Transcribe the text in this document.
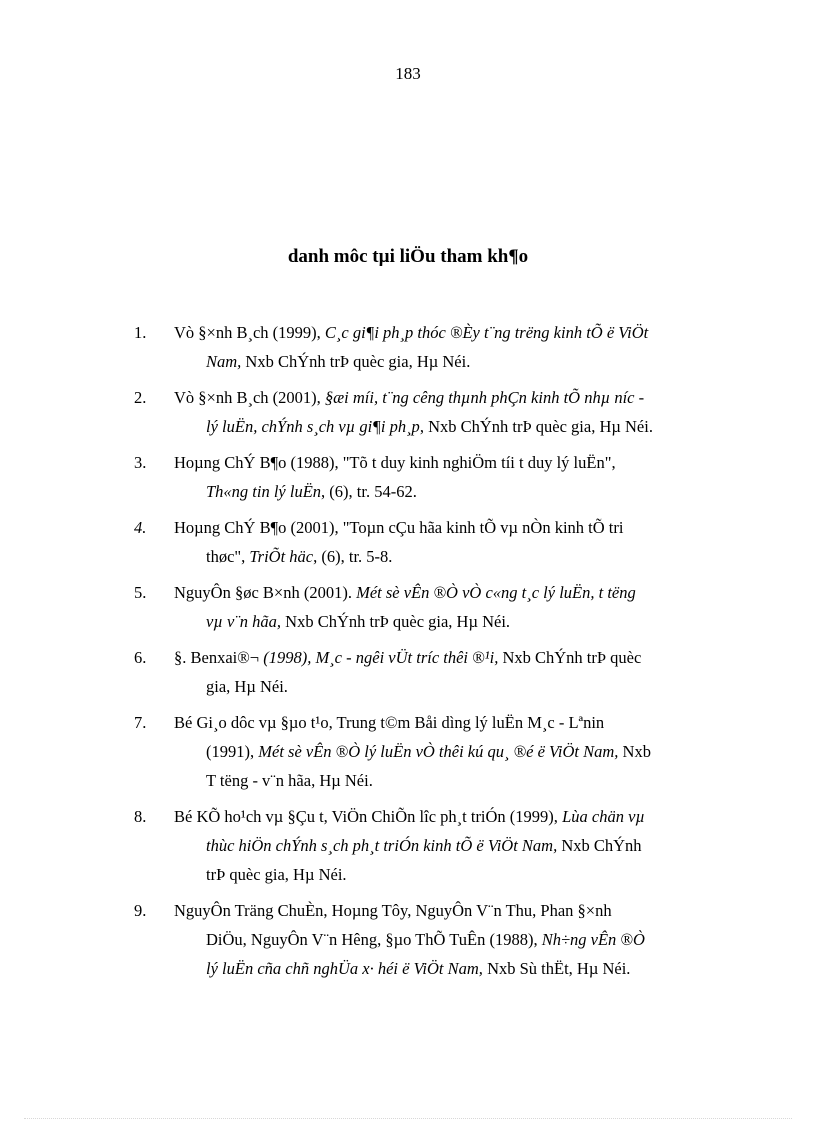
183
danh môc tµi liÖu tham kh¶o
1. Vò §×nh B¸ch (1999), C¸c gi¶i ph¸p thóc ®Èy t¨ng trëng kinh tÕ ë ViÖt
Nam, Nxb ChÝnh trÞ quèc gia, Hµ Néi.
2. Vò §×nh B¸ch (2001), §æi míi, t¨ng cêng thµnh phÇn kinh tÕ nhµ níc -
lý luËn, chÝnh s¸ch vµ gi¶i ph¸p, Nxb ChÝnh trÞ quèc gia, Hµ Néi.
3. Hoµng ChÝ B¶o (1988), "Tõ t duy kinh nghiÖm tíi t duy lý luËn",
Th«ng tin lý luËn, (6), tr. 54-62.
4. Hoµng ChÝ B¶o (2001), "Toµn cÇu hãa kinh tÕ vµ nÒn kinh tÕ tri
thøc", TriÕt häc, (6), tr. 5-8.
5. NguyÔn §øc B×nh (2001). Mét sè vÊn ®Ò vÒ c«ng t¸c lý luËn, t tëng
vµ v¨n hãa, Nxb ChÝnh trÞ quèc gia, Hµ Néi.
6. §. Benxai®¬ (1998), M¸c - ngêi vÜt tríc thêi ®¹i, Nxb ChÝnh trÞ quèc
gia, Hµ Néi.
7. Bé Gi¸o dôc vµ §µo t¹o, Trung t©m Båi dìng lý luËn M¸c - Lªnin
(1991), Mét sè vÊn ®Ò lý luËn vÒ thêi kú qu¸ ®é ë ViÖt Nam, Nxb
T tëng - v¨n hãa, Hµ Néi.
8. Bé KÕ ho¹ch vµ §Çu t, ViÖn ChiÕn lîc ph¸t triÓn (1999), Lùa chän vµ
thùc hiÖn chÝnh s¸ch ph¸t triÓn kinh tÕ ë ViÖt Nam, Nxb ChÝnh
trÞ quèc gia, Hµ Néi.
9. NguyÔn Träng ChuÈn, Hoµng Tôy, NguyÔn V¨n Thu, Phan §×nh
DiÖu, NguyÔn V¨n Hêng, §µo ThÕ TuÊn (1988), Nh÷ng vÊn ®Ò
lý luËn cña chñ nghÜa x· héi ë ViÖt Nam, Nxb Sù thËt, Hµ Néi.
